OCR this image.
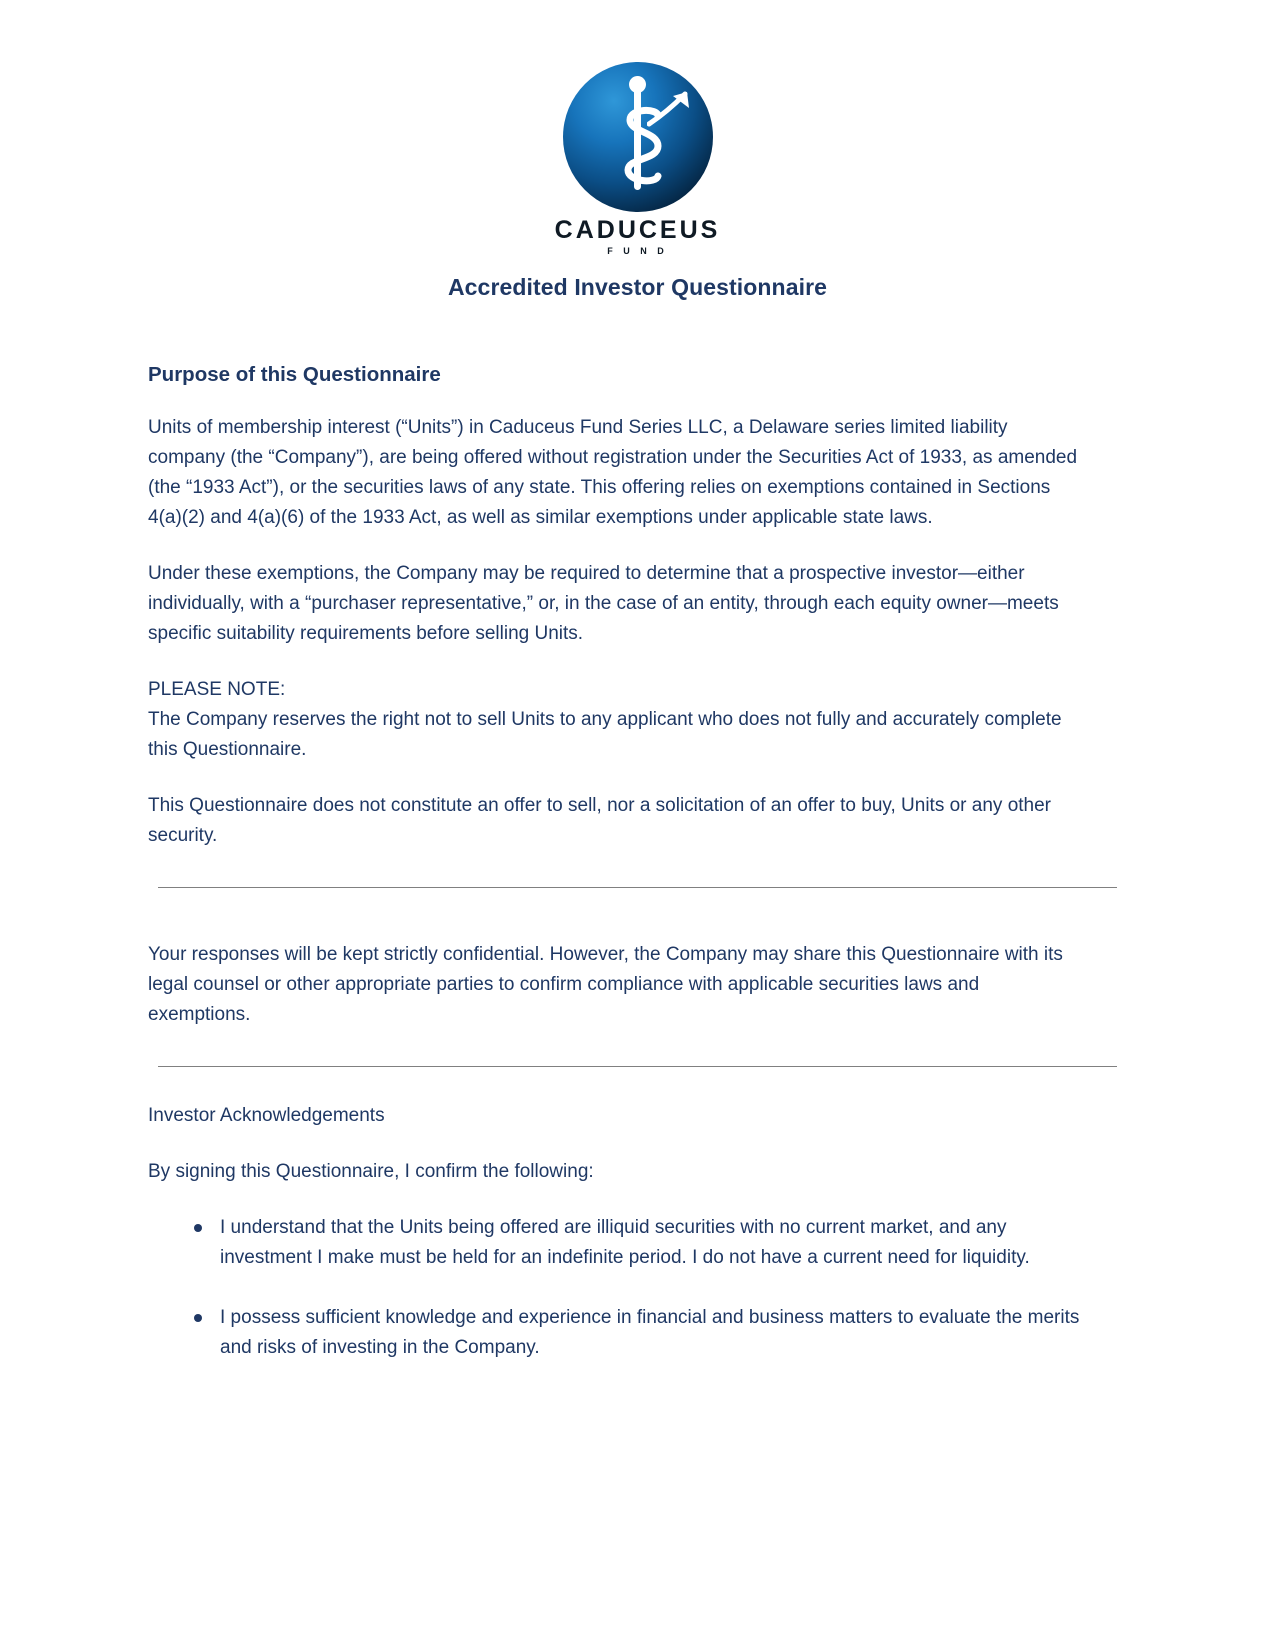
CADUCEUS
F U N D
Accredited Investor Questionnaire
Purpose of this Questionnaire

Units of membership interest (“Units”) in Caduceus Fund Series LLC, a Delaware series limited liability company (the “Company”), are being offered without registration under the Securities Act of 1933, as amended (the “1933 Act”), or the securities laws of any state. This offering relies on exemptions contained in Sections 4(a)(2) and 4(a)(6) of the 1933 Act, as well as similar exemptions under applicable state laws.

Under these exemptions, the Company may be required to determine that a prospective investor—either individually, with a “purchaser representative,” or, in the case of an entity, through each equity owner—meets specific suitability requirements before selling Units.

PLEASE NOTE:

The Company reserves the right not to sell Units to any applicant who does not fully and accurately complete this Questionnaire.

This Questionnaire does not constitute an offer to sell, nor a solicitation of an offer to buy, Units or any other security.

Your responses will be kept strictly confidential. However, the Company may share this Questionnaire with its legal counsel or other appropriate parties to confirm compliance with applicable securities laws and exemptions.

Investor Acknowledgements

By signing this Questionnaire, I confirm the following:

I understand that the Units being offered are illiquid securities with no current market, and any investment I make must be held for an indefinite period. I do not have a current need for liquidity.
I possess sufficient knowledge and experience in financial and business matters to evaluate the merits and risks of investing in the Company.
